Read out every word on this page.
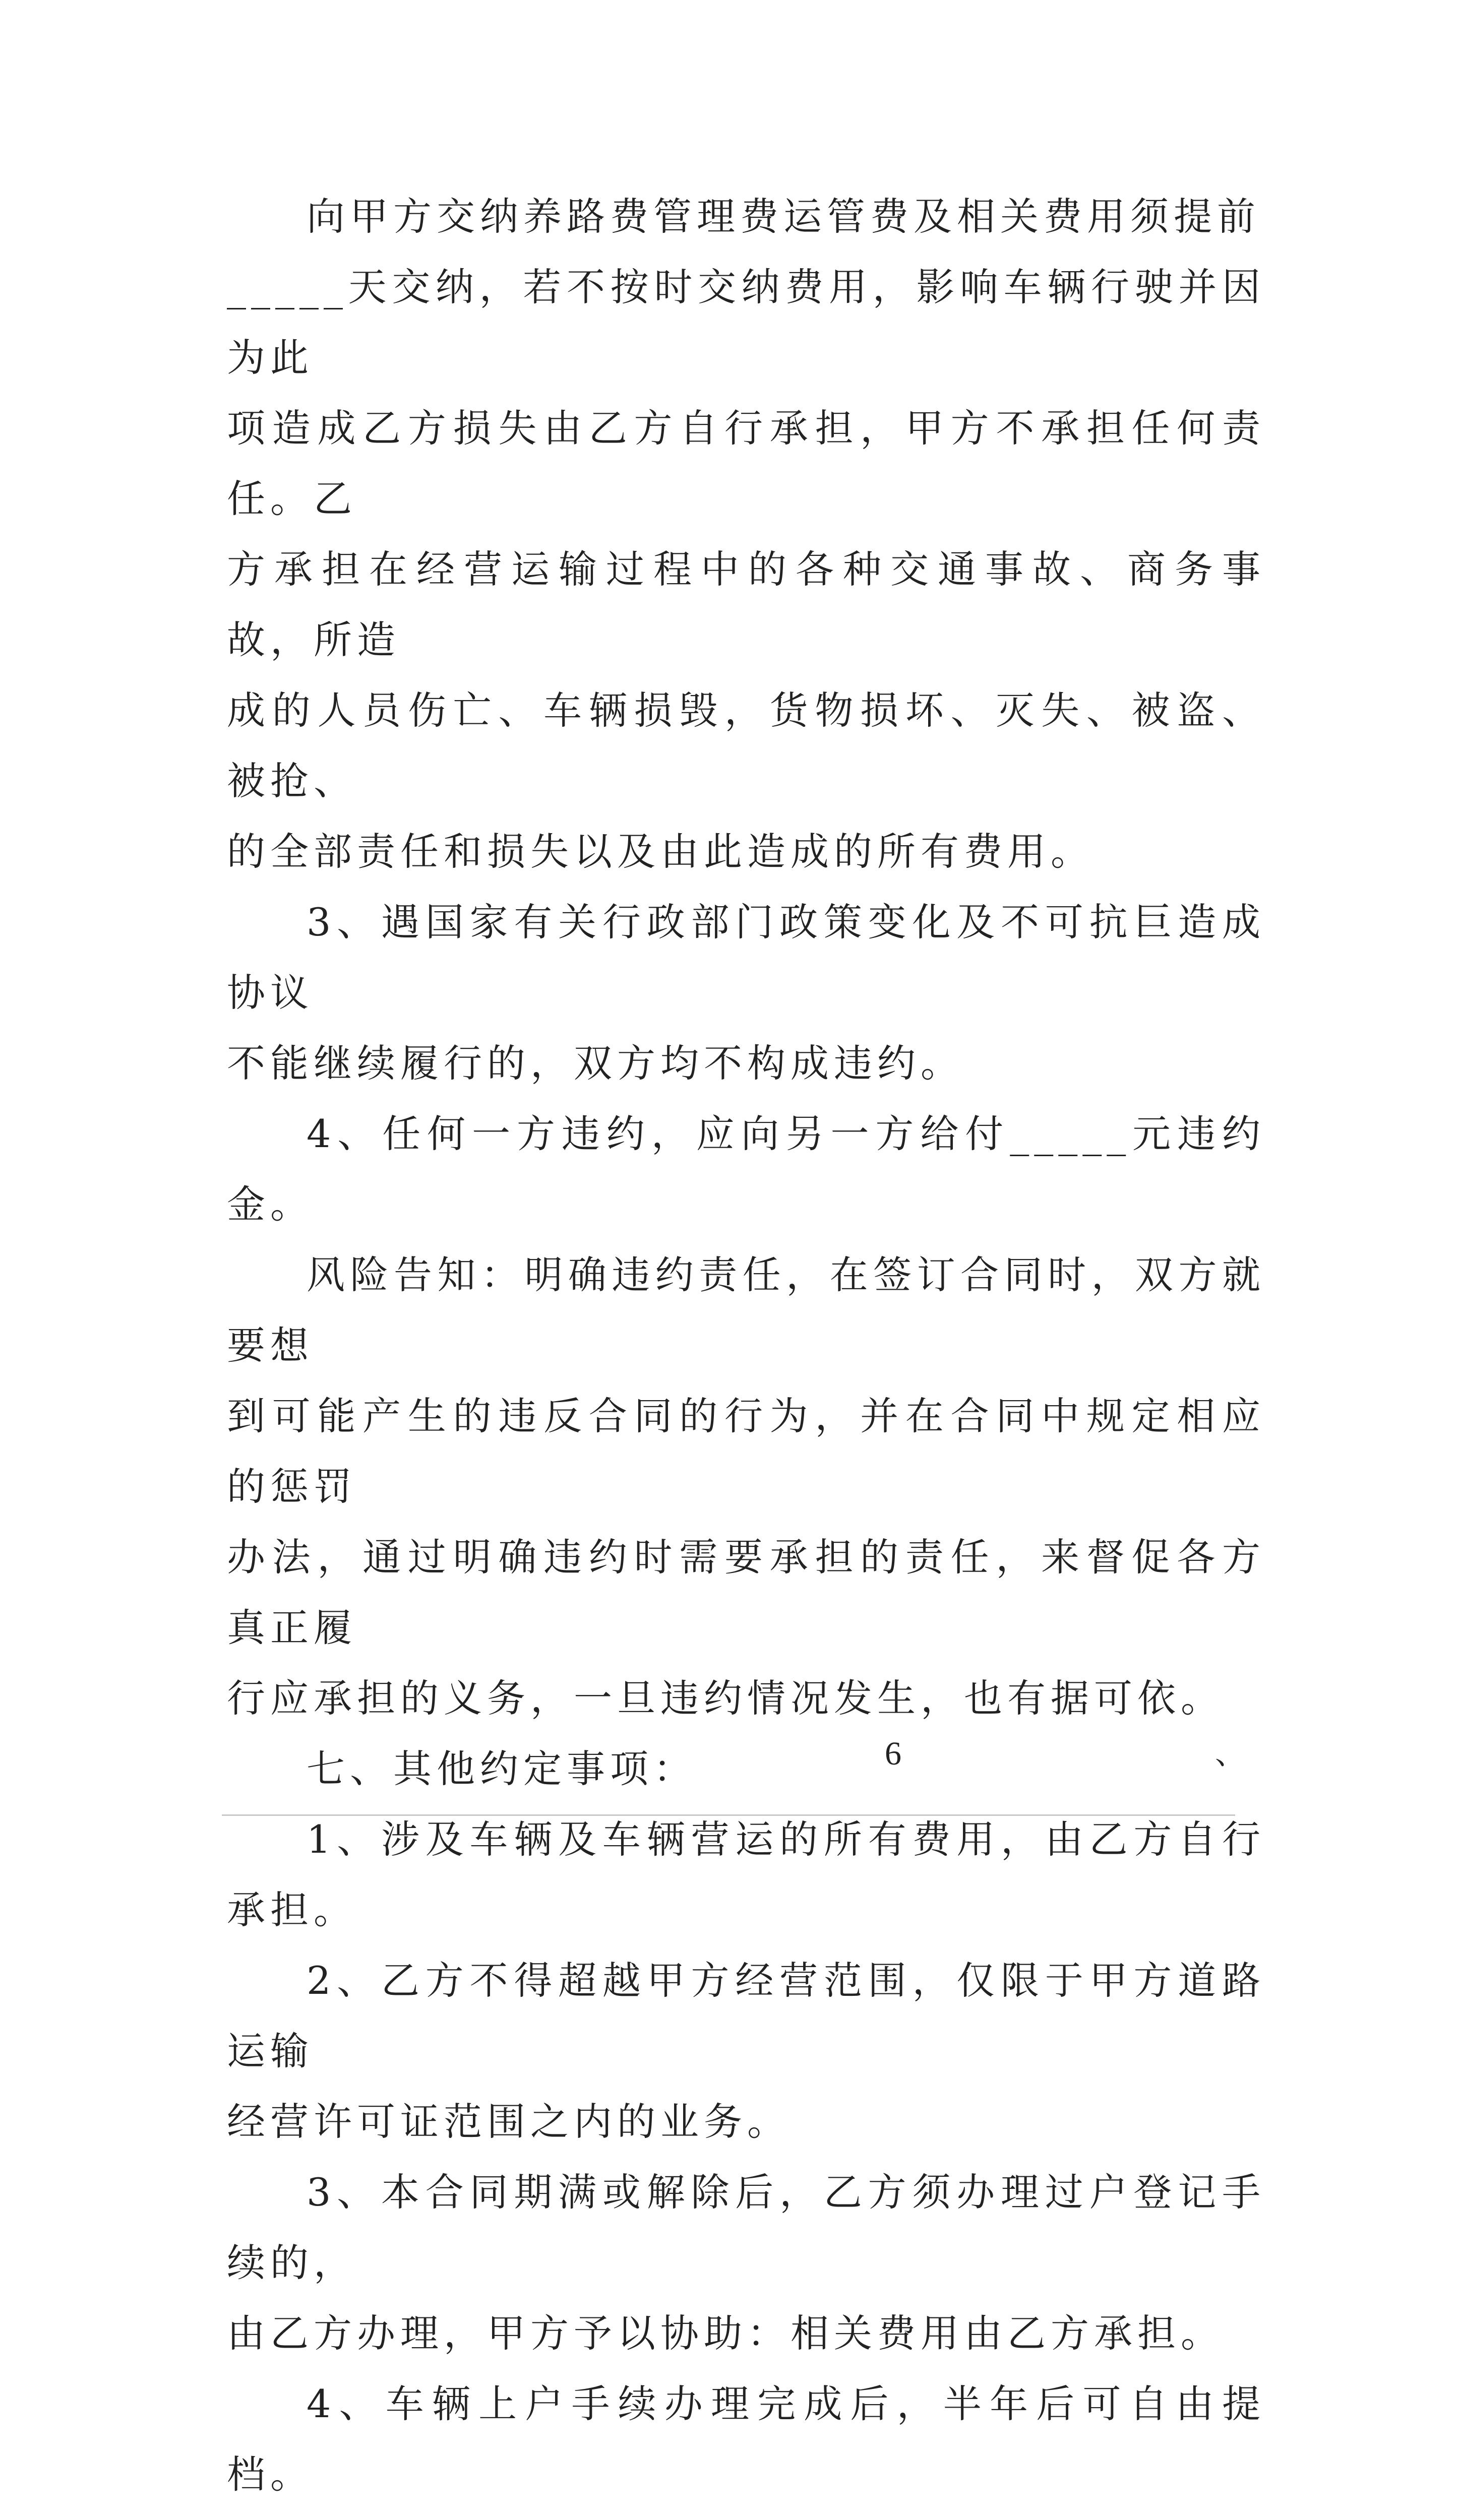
向甲方交纳养路费管理费运管费及相关费用须提前
_____天交纳，若不按时交纳费用，影响车辆行驶并因为此
项造成乙方损失由乙方自行承担，甲方不承担任何责任。乙
方承担在经营运输过程中的各种交通事故、商务事故，所造
成的人员伤亡、车辆损毁，货物损坏、灭失、被盗、被抢、
的全部责任和损失以及由此造成的所有费用。

3、遇国家有关行政部门政策变化及不可抗巨造成协议
不能继续履行的，双方均不构成违约。

4、任何一方违约，应向另一方给付_____元违约金。

风险告知：明确违约责任，在签订合同时，双方就要想
到可能产生的违反合同的行为，并在合同中规定相应的惩罚
办法，通过明确违约时需要承担的责任，来督促各方真正履
行应承担的义务，一旦违约情况发生，也有据可依。

七、其他约定事项：

1、涉及车辆及车辆营运的所有费用，由乙方自行承担。

2、乙方不得超越甲方经营范围，仅限于甲方道路运输
经营许可证范围之内的业务。

3、本合同期满或解除后，乙方须办理过户登记手续的，
由乙方办理，甲方予以协助：相关费用由乙方承担。

4、车辆上户手续办理完成后，半年后可自由提档。

6	、
